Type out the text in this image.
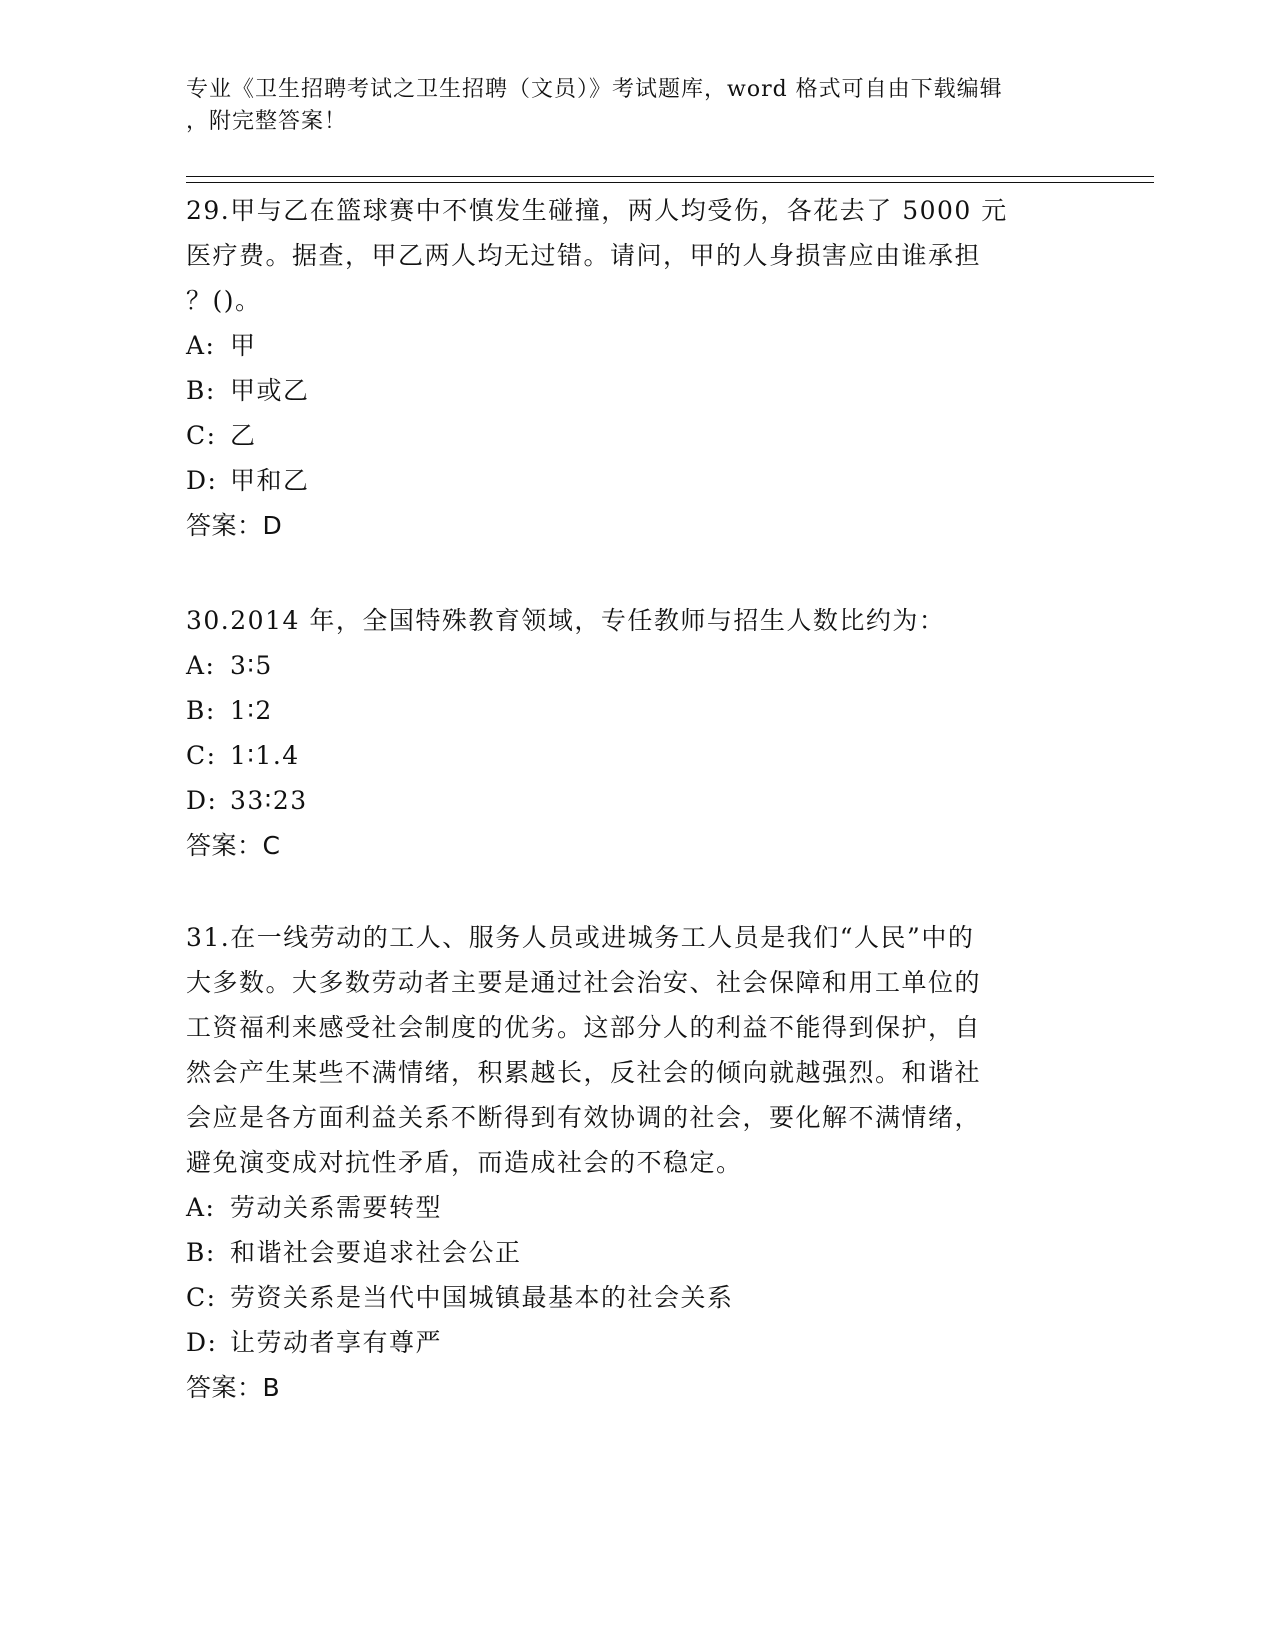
专业《卫生招聘考试之卫生招聘（文员）》考试题库，word 格式可自由下载编辑
，附完整答案！
29.甲与乙在篮球赛中不慎发生碰撞，两人均受伤，各花去了 5000 元
医疗费。据查，甲乙两人均无过错。请问，甲的人身损害应由谁承担
？()。
A: 甲
B: 甲或乙
C: 乙
D: 甲和乙
答案：D
30.2014 年，全国特殊教育领域，专任教师与招生人数比约为：
A: 3∶5
B: 1∶2
C: 1∶1.4
D: 33∶23
答案：C
31.在一线劳动的工人、服务人员或进城务工人员是我们“人民”中的
大多数。大多数劳动者主要是通过社会治安、社会保障和用工单位的
工资福利来感受社会制度的优劣。这部分人的利益不能得到保护，自
然会产生某些不满情绪，积累越长，反社会的倾向就越强烈。和谐社
会应是各方面利益关系不断得到有效协调的社会，要化解不满情绪，
避免演变成对抗性矛盾，而造成社会的不稳定。
A: 劳动关系需要转型
B: 和谐社会要追求社会公正
C: 劳资关系是当代中国城镇最基本的社会关系
D: 让劳动者享有尊严
答案：B
